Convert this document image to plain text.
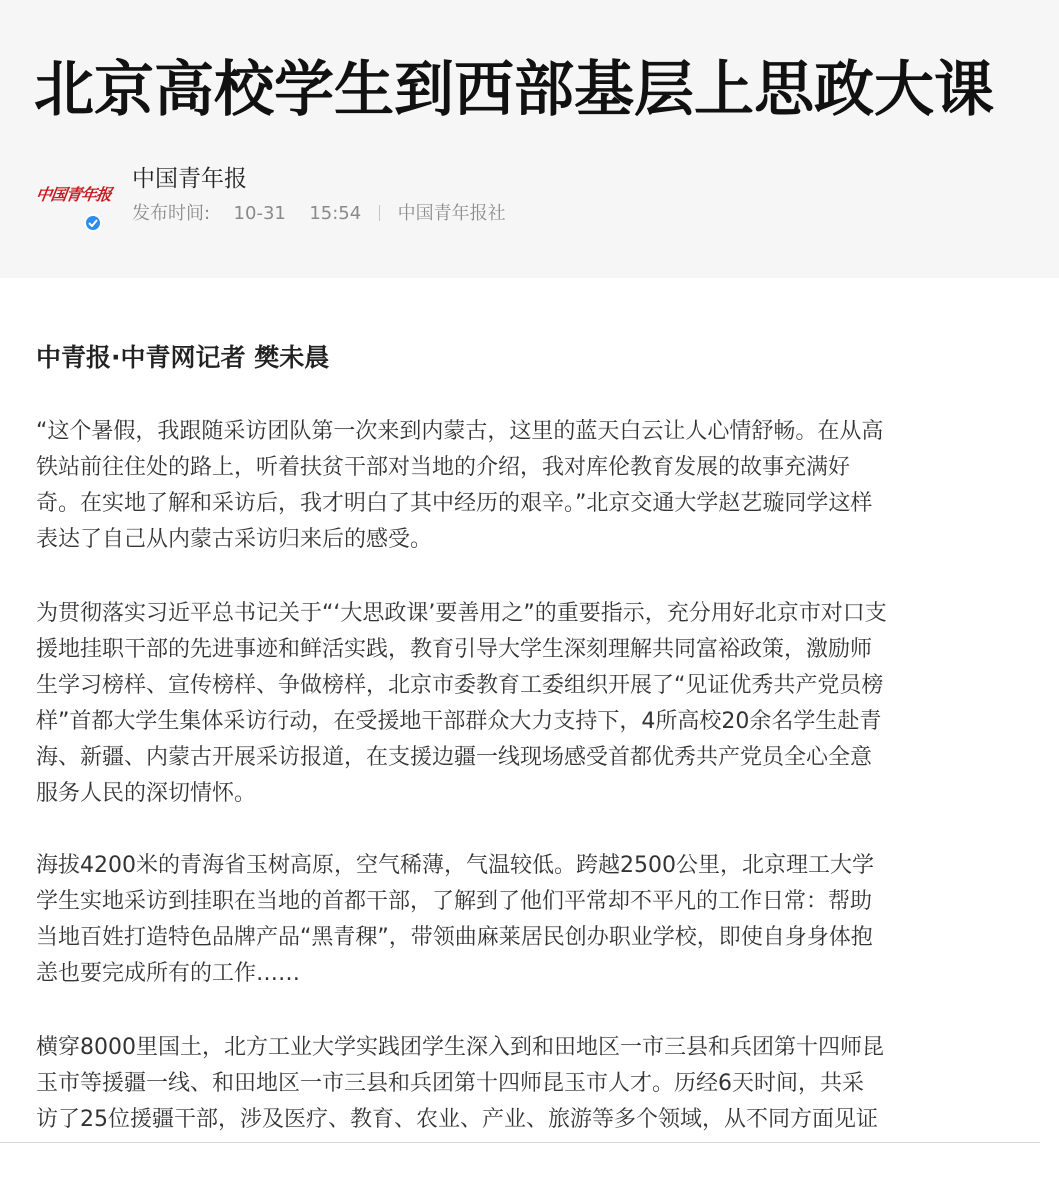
北京高校学生到西部基层上思政大课
中国青年报
中国青年报
发布时间: 10-31 15:54 中国青年报社
中青报·中青网记者 樊未晨
“这个暑假，我跟随采访团队第一次来到内蒙古，这里的蓝天白云让人心情舒畅。在从高
铁站前往住处的路上，听着扶贫干部对当地的介绍，我对库伦教育发展的故事充满好
奇。在实地了解和采访后，我才明白了其中经历的艰辛。”北京交通大学赵艺璇同学这样
表达了自己从内蒙古采访归来后的感受。
为贯彻落实习近平总书记关于“‘大思政课’要善用之”的重要指示，充分用好北京市对口支
援地挂职干部的先进事迹和鲜活实践，教育引导大学生深刻理解共同富裕政策，激励师
生学习榜样、宣传榜样、争做榜样，北京市委教育工委组织开展了“见证优秀共产党员榜
样”首都大学生集体采访行动，在受援地干部群众大力支持下，4所高校20余名学生赴青
海、新疆、内蒙古开展采访报道，在支援边疆一线现场感受首都优秀共产党员全心全意
服务人民的深切情怀。
海拔4200米的青海省玉树高原，空气稀薄，气温较低。跨越2500公里，北京理工大学
学生实地采访到挂职在当地的首都干部，了解到了他们平常却不平凡的工作日常：帮助
当地百姓打造特色品牌产品“黑青稞”，带领曲麻莱居民创办职业学校，即使自身身体抱
恙也要完成所有的工作……
横穿8000里国土，北方工业大学实践团学生深入到和田地区一市三县和兵团第十四师昆
玉市等援疆一线、和田地区一市三县和兵团第十四师昆玉市人才。历经6天时间，共采
访了25位援疆干部，涉及医疗、教育、农业、产业、旅游等多个领域，从不同方面见证
